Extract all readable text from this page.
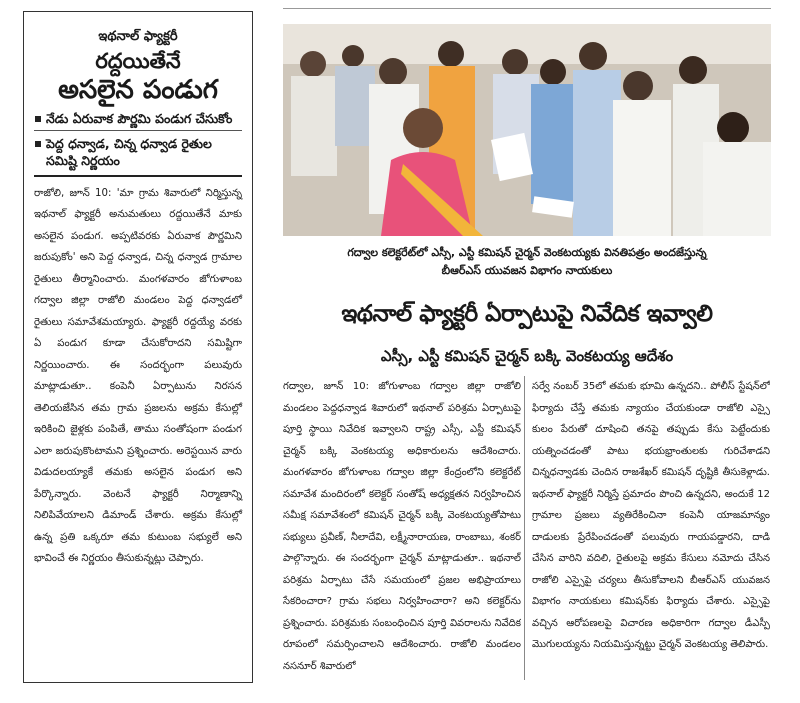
ఇథనాల్ ఫ్యాక్టరీ
రద్దయితేనే
అసలైన పండుగ
నేడు ఏరువాక పౌర్ణమి పండుగ చేసుకోం
పెద్ద ధన్వాడ, చిన్న ధన్వాడ రైతుల సమిష్టి నిర్ణయం
రాజోలి, జూన్ 10: 'మా గ్రామ శివారులో నిర్మిస్తున్న ఇథనాల్ ఫ్యాక్టరీ అనుమతులు రద్దయితేనే మాకు అసలైన పండుగ. అప్పటివరకు ఏరువాక పౌర్ణమిని జరుపుకోం' అని పెద్ద ధన్వాడ, చిన్న ధన్వాడ గ్రామాల రైతులు తీర్మానించారు. మంగళవారం జోగుళాంబ గద్వాల జిల్లా రాజోలి మండలం పెద్ద ధన్వాడలో రైతులు సమావేశమయ్యారు. ఫ్యాక్టరీ రద్దయ్యే వరకు ఏ పండుగ కూడా చేసుకోరాదని సమిష్టిగా నిర్ణయించారు. ఈ సందర్భంగా పలువురు మాట్లాడుతూ.. కంపెనీ ఏర్పాటును నిరసన తెలియజేసిన తమ గ్రామ ప్రజలను అక్రమ కేసుల్లో ఇరికించి జైళ్లకు పంపితే, తాము సంతోషంగా పండుగ ఎలా జరుపుకొంటామని ప్రశ్నించారు. అరెస్టయిన వారు విడుదలయ్యాకే తమకు అసలైన పండుగ అని పేర్కొన్నారు. వెంటనే ఫ్యాక్టరీ నిర్మాణాన్ని నిలిపివేయాలని డిమాండ్ చేశారు. అక్రమ కేసుల్లో ఉన్న ప్రతి ఒక్కరూ తమ కుటుంబ సభ్యులే అని భావించే ఈ నిర్ణయం తీసుకున్నట్లు చెప్పారు.
గద్వాల కలెక్టరేట్‌లో ఎస్సీ, ఎస్టీ కమిషన్ చైర్మన్ వెంకటయ్యకు వినతిపత్రం అందజేస్తున్న
బీఆర్ఎస్ యువజన విభాగం నాయకులు
ఇథనాల్ ఫ్యాక్టరీ ఏర్పాటుపై నివేదిక ఇవ్వాలి
ఎస్సీ, ఎస్టీ కమిషన్ చైర్మన్ బక్కి వెంకటయ్య ఆదేశం
గద్వాల, జూన్ 10: జోగుళాంబ గద్వాల జిల్లా రాజోలి మండలం పెద్దధన్వాడ శివారులో ఇథనాల్ పరిశ్రమ ఏర్పాటుపై పూర్తి స్థాయి నివేదిక ఇవ్వాలని రాష్ట్ర ఎస్సీ, ఎస్టీ కమిషన్ చైర్మన్ బక్కి వెంకటయ్య అధికారులను ఆదేశించారు. మంగళవారం జోగుళాంబ గద్వాల జిల్లా కేంద్రంలోని కలెక్టరేట్ సమావేశ మందిరంలో కలెక్టర్ సంతోష్ అధ్యక్షతన నిర్వహించిన సమీక్ష సమావేశంలో కమిషన్ చైర్మన్ బక్కి వెంకటయ్యతోపాటు సభ్యులు ప్రవీణ్, నీలాదేవి, లక్ష్మీనారాయణ, రాంబాబు, శంకర్ పాల్గొన్నారు. ఈ సందర్భంగా చైర్మన్ మాట్లాడుతూ.. ఇథనాల్ పరిశ్రమ ఏర్పాటు చేసే సమయంలో ప్రజల అభిప్రాయాలు సేకరించారా? గ్రామ సభలు నిర్వహించారా? అని కలెక్టర్‌ను ప్రశ్నించారు. పరిశ్రమకు సంబంధించిన పూర్తి వివరాలను నివేదిక రూపంలో సమర్పించాలని ఆదేశించారు. రాజోలి మండలం నసనూర్ శివారులో
సర్వే నంబర్ 35లో తమకు భూమి ఉన్నదని.. పోలీస్ స్టేషన్‌లో ఫిర్యాదు చేస్తే తమకు న్యాయం చేయకుండా రాజోలి ఎస్సై కులం పేరుతో దూషించి తనపై తప్పుడు కేసు పెట్టేందుకు యత్నించడంతో పాటు భయభ్రాంతులకు గురిచేశాడని చిన్నధన్వాడకు చెందిన రాజశేఖర్ కమిషన్ దృష్టికి తీసుకెళ్లాడు. ఇథనాల్ ఫ్యాక్టరీ నిర్మిస్తే ప్రమాదం పొంచి ఉన్నదని, అందుకే 12 గ్రామాల ప్రజలు వ్యతిరేకించినా కంపెనీ యాజమాన్యం దాడులకు ప్రేరేపించడంతో పలువురు గాయపడ్డారని, దాడి చేసిన వారిని వదిలి, రైతులపై అక్రమ కేసులు నమోదు చేసిన రాజోలి ఎస్సైపై చర్యలు తీసుకోవాలని బీఆర్ఎస్ యువజన విభాగం నాయకులు కమిషన్‌కు ఫిర్యాదు చేశారు. ఎస్సైపై వచ్చిన ఆరోపణలపై విచారణ అధికారిగా గద్వాల డీఎస్పీ మొగులయ్యను నియమిస్తున్నట్టు చైర్మన్ వెంకటయ్య తెలిపారు.
